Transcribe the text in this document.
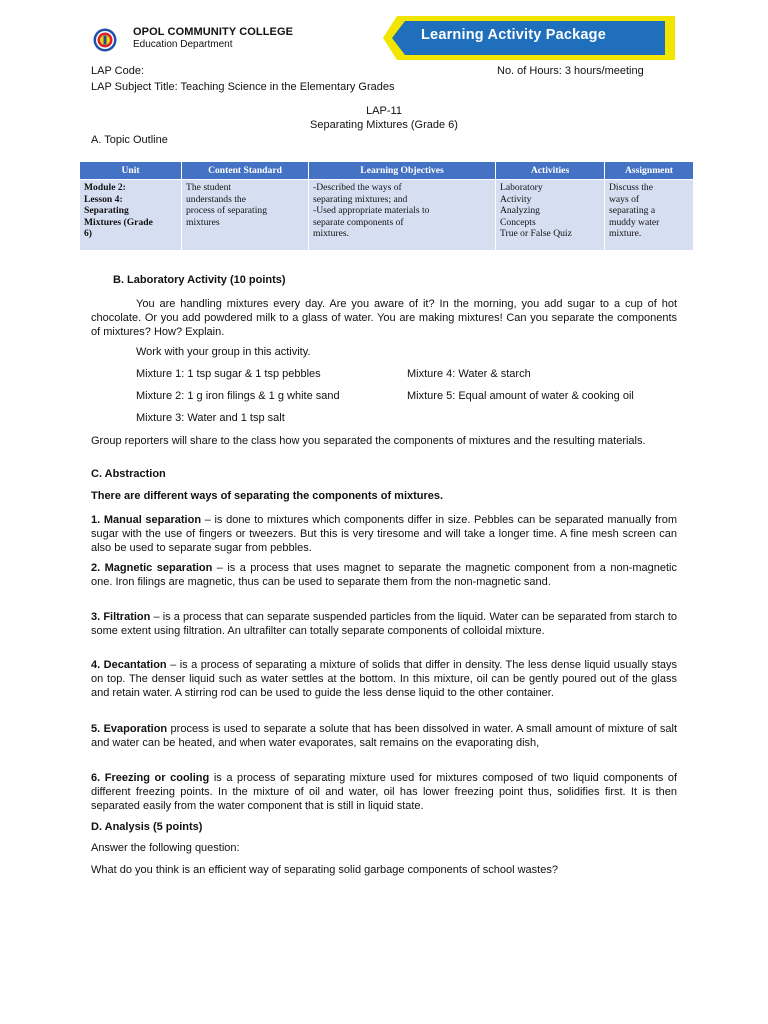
OPOL COMMUNITY COLLEGE
Education Department
Learning Activity Package
LAP Code:
LAP Subject Title: Teaching Science in the Elementary Grades
No. of Hours: 3 hours/meeting
LAP-11
Separating Mixtures (Grade 6)
A. Topic Outline
Unit	Content Standard	Learning Objectives	Activities	Assignment

Module 2:
Lesson 4:
Separating
Mixtures (Grade
6)	The student
understands the
process of separating
mixtures	-Described the ways of
separating mixtures; and
-Used appropriate materials to
separate components of
mixtures.	Laboratory
Activity
Analyzing
Concepts
True or False Quiz	Discuss the
ways of
separating a
muddy water
mixture.
B. Laboratory Activity (10 points)
You are handling mixtures every day. Are you aware of it? In the morning, you add sugar to a cup of hot chocolate. Or you add powdered milk to a glass of water. You are making mixtures! Can you separate the components of mixtures? How? Explain.
Work with your group in this activity.
Mixture 1: 1 tsp sugar & 1 tsp pebbles
Mixture 2: 1 g iron filings & 1 g white sand
Mixture 3: Water and 1 tsp salt
Mixture 4: Water & starch
Mixture 5: Equal amount of water & cooking oil
Group reporters will share to the class how you separated the components of mixtures and the resulting materials.
C. Abstraction
There are different ways of separating the components of mixtures.
1. Manual separation – is done to mixtures which components differ in size. Pebbles can be separated manually from sugar with the use of fingers or tweezers. But this is very tiresome and will take a longer time. A fine mesh screen can also be used to separate sugar from pebbles.
2. Magnetic separation – is a process that uses magnet to separate the magnetic component from a non-magnetic one. Iron filings are magnetic, thus can be used to separate them from the non-magnetic sand.
3. Filtration – is a process that can separate suspended particles from the liquid. Water can be separated from starch to some extent using filtration. An ultrafilter can totally separate components of colloidal mixture.
4. Decantation – is a process of separating a mixture of solids that differ in density. The less dense liquid usually stays on top. The denser liquid such as water settles at the bottom. In this mixture, oil can be gently poured out of the glass and retain water. A stirring rod can be used to guide the less dense liquid to the other container.
5. Evaporation process is used to separate a solute that has been dissolved in water. A small amount of mixture of salt and water can be heated, and when water evaporates, salt remains on the evaporating dish,
6. Freezing or cooling is a process of separating mixture used for mixtures composed of two liquid components of different freezing points. In the mixture of oil and water, oil has lower freezing point thus, solidifies first. It is then separated easily from the water component that is still in liquid state.
D. Analysis (5 points)
Answer the following question:
What do you think is an efficient way of separating solid garbage components of school wastes?
